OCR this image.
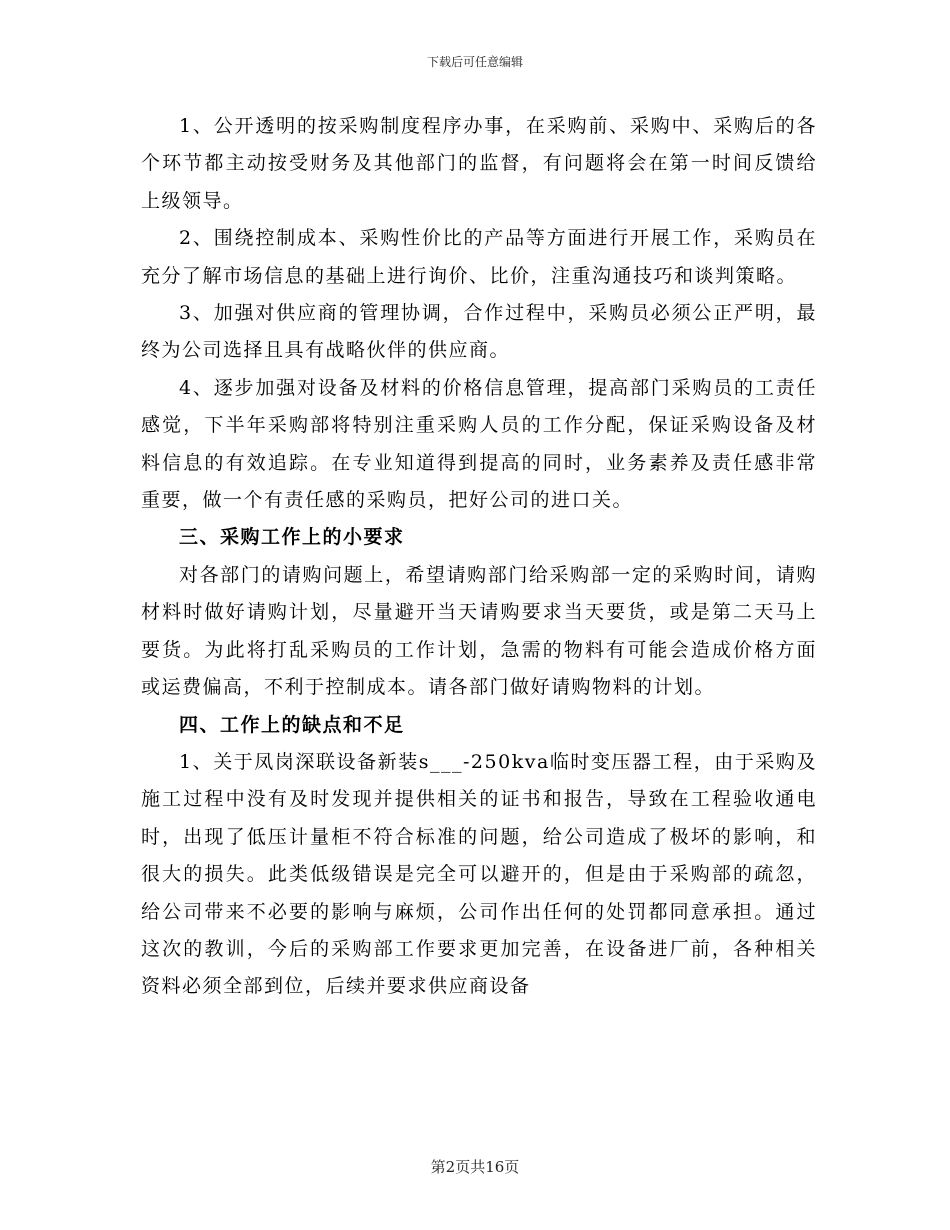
下载后可任意编辑

1、公开透明的按采购制度程序办事，在采购前、采购中、采购后的各个环节都主动按受财务及其他部门的监督，有问题将会在第一时间反馈给上级领导。

2、围绕控制成本、采购性价比的产品等方面进行开展工作，采购员在充分了解市场信息的基础上进行询价、比价，注重沟通技巧和谈判策略。

3、加强对供应商的管理协调，合作过程中，采购员必须公正严明，最终为公司选择且具有战略伙伴的供应商。

4、逐步加强对设备及材料的价格信息管理，提高部门采购员的工责任感觉，下半年采购部将特别注重采购人员的工作分配，保证采购设备及材料信息的有效追踪。在专业知道得到提高的同时，业务素养及责任感非常重要，做一个有责任感的采购员，把好公司的进口关。

三、采购工作上的小要求

对各部门的请购问题上，希望请购部门给采购部一定的采购时间，请购材料时做好请购计划，尽量避开当天请购要求当天要货，或是第二天马上要货。为此将打乱采购员的工作计划，急需的物料有可能会造成价格方面或运费偏高，不利于控制成本。请各部门做好请购物料的计划。

四、工作上的缺点和不足

1、关于凤岗深联设备新装s___-250kva临时变压器工程，由于采购及施工过程中没有及时发现并提供相关的证书和报告，导致在工程验收通电时，出现了低压计量柜不符合标准的问题，给公司造成了极坏的影响，和很大的损失。此类低级错误是完全可以避开的，但是由于采购部的疏忽，给公司带来不必要的影响与麻烦，公司作出任何的处罚都同意承担。通过这次的教训，今后的采购部工作要求更加完善，在设备进厂前，各种相关资料必须全部到位，后续并要求供应商设备

第2页共16页
